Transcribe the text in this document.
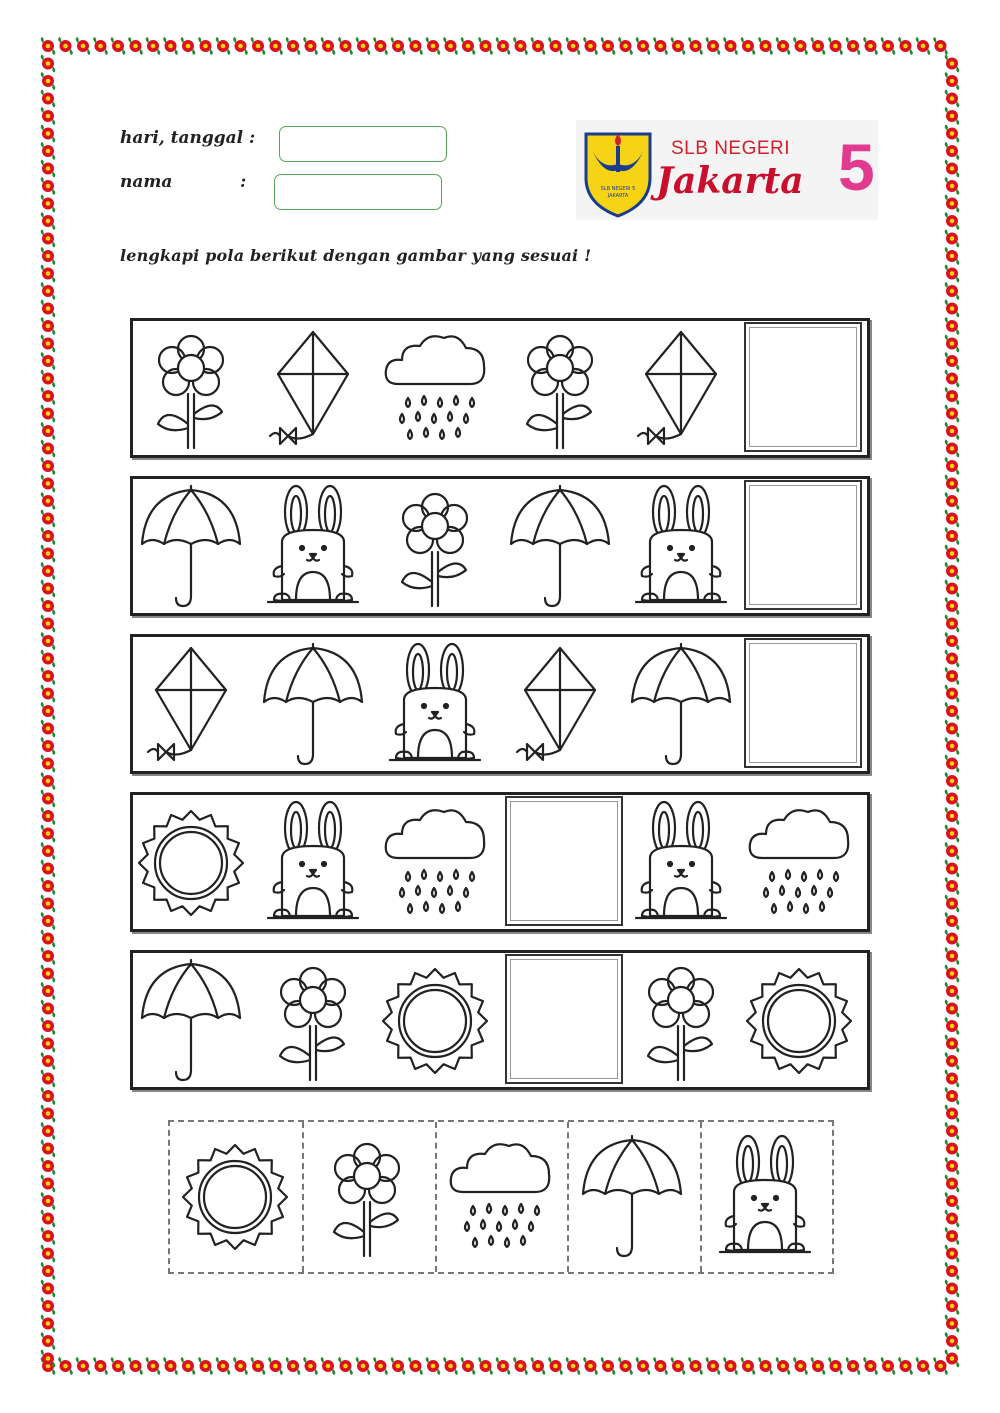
hari, tanggal :
nama	:	SLB NEGERI 5
JAKARTA
SLB NEGERI
Jakarta 5
lengkapi pola berikut dengan gambar yang sesuai !
